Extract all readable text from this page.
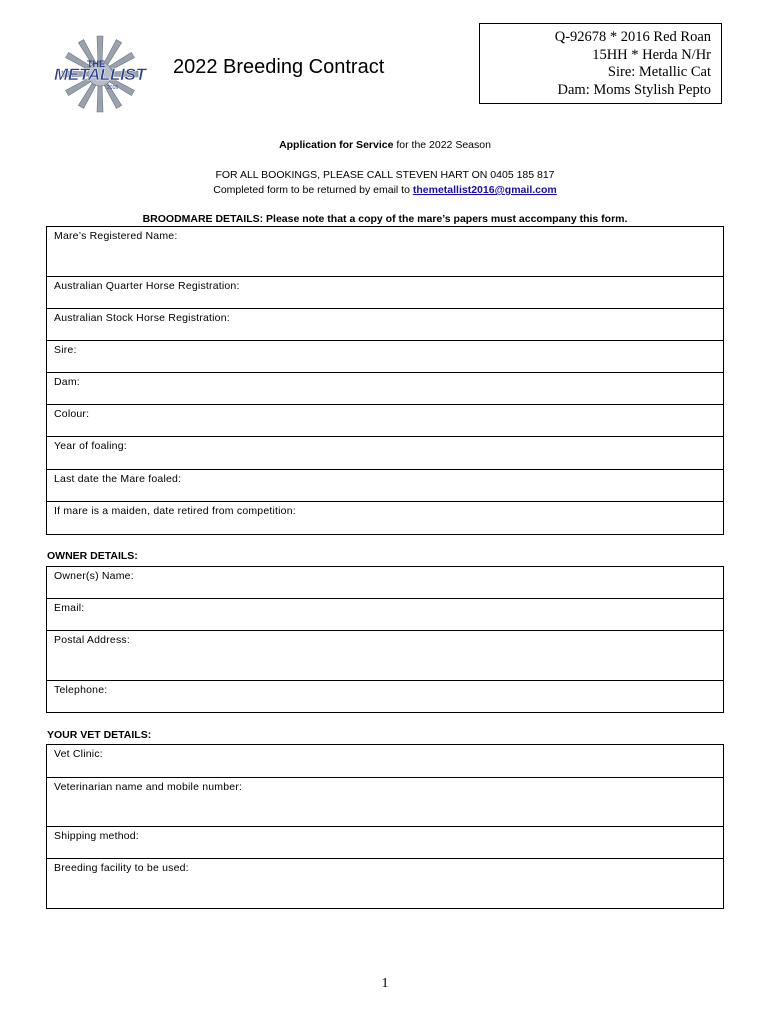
THE
METALLIST
2016
2022 Breeding Contract
Q-92678 * 2016 Red Roan
15HH * Herda N/Hr
Sire: Metallic Cat
Dam: Moms Stylish Pepto
Application for Service for the 2022 Season
FOR ALL BOOKINGS, PLEASE CALL STEVEN HART ON 0405 185 817
Completed form to be returned by email to themetallist2016@gmail.com
BROODMARE DETAILS: Please note that a copy of the mare’s papers must accompany this form.
Mare’s Registered Name:
Australian Quarter Horse Registration:
Australian Stock Horse Registration:
Sire:
Dam:
Colour:
Year of foaling:
Last date the Mare foaled:
If mare is a maiden, date retired from competition:
OWNER DETAILS:
Owner(s) Name:
Email:
Postal Address:
Telephone:
YOUR VET DETAILS:
Vet Clinic:
Veterinarian name and mobile number:
Shipping method:
Breeding facility to be used:
1
